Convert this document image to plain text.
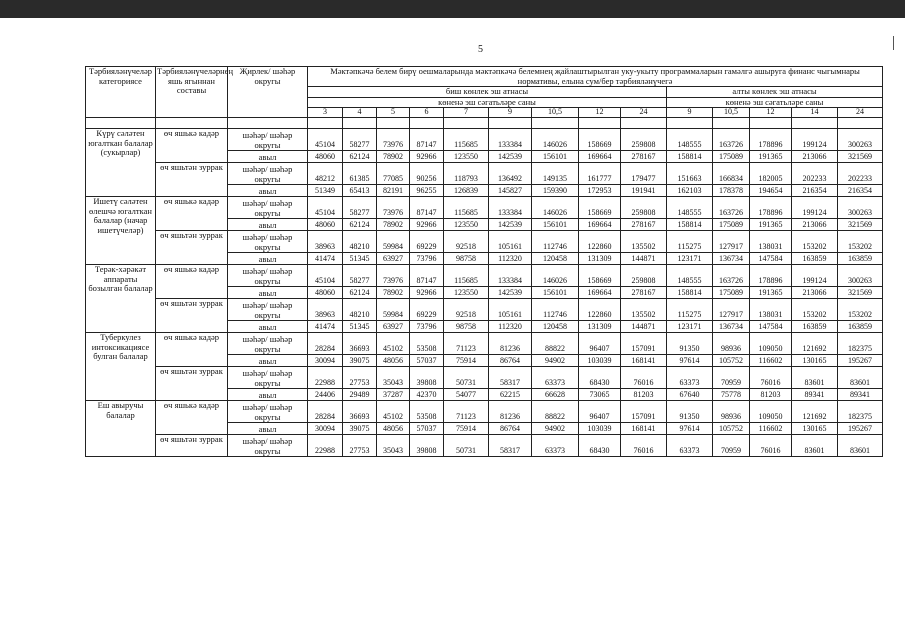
5
Тәрбияләнүчеләр категориясе	Тәрбияләнүчеләрнең яшь ягыннан составы	Җирлек/ шәһәр округы	Мәктәпкәчә белем бирү оешмаларында мәктәпкәчә белемнең җайлаштырылган уку-укыту программаларын гамәлгә ашыруга финанс чыгымнары нормативы, елына сум/бер тәрбияләнүчегә													
			биш көнлек эш атнасы									алты көнлек эш атнасы				
			көненә эш сәгатьләре саны									көненә эш сәгатьләре саны				
			3	4	5	6	7	9	10,5	12	24	9	10,5	12	14	24

Күрү сәләтен югалткан балалар (сукырлар)	өч яшькә кадәр	шәһәр/ шәһәр округы	45104	58277	73976	87147	115685	133384	146026	158669	259808	148555	163726	178896	199124	300263
		авыл	48060	62124	78902	92966	123550	142539	156101	169664	278167	158814	175089	191365	213066	321569
	өч яшьтән зуррак	шәһәр/ шәһәр округы	48212	61385	77085	90256	118793	136492	149135	161777	179477	151663	166834	182005	202233	202233
		авыл	51349	65413	82191	96255	126839	145827	159390	172953	191941	162103	178378	194654	216354	216354
Ишетү сәләтен өлешчә югалткан балалар (начар ишетүчеләр)	өч яшькә кадәр	шәһәр/ шәһәр округы	45104	58277	73976	87147	115685	133384	146026	158669	259808	148555	163726	178896	199124	300263
		авыл	48060	62124	78902	92966	123550	142539	156101	169664	278167	158814	175089	191365	213066	321569
	өч яшьтән зуррак	шәһәр/ шәһәр округы	38963	48210	59984	69229	92518	105161	112746	122860	135502	115275	127917	138031	153202	153202
		авыл	41474	51345	63927	73796	98758	112320	120458	131309	144871	123171	136734	147584	163859	163859
Терәк-хәрәкәт аппараты бозылган балалар	өч яшькә кадәр	шәһәр/ шәһәр округы	45104	58277	73976	87147	115685	133384	146026	158669	259808	148555	163726	178896	199124	300263
		авыл	48060	62124	78902	92966	123550	142539	156101	169664	278167	158814	175089	191365	213066	321569
	өч яшьтән зуррак	шәһәр/ шәһәр округы	38963	48210	59984	69229	92518	105161	112746	122860	135502	115275	127917	138031	153202	153202
		авыл	41474	51345	63927	73796	98758	112320	120458	131309	144871	123171	136734	147584	163859	163859
Туберкулез интоксикациясе булган балалар	өч яшькә кадәр	шәһәр/ шәһәр округы	28284	36693	45102	53508	71123	81236	88822	96407	157091	91350	98936	109050	121692	182375
		авыл	30094	39075	48056	57037	75914	86764	94902	103039	168141	97614	105752	116602	130165	195267
	өч яшьтән зуррак	шәһәр/ шәһәр округы	22988	27753	35043	39808	50731	58317	63373	68430	76016	63373	70959	76016	83601	83601
		авыл	24406	29489	37287	42370	54077	62215	66628	73065	81203	67640	75778	81203	89341	89341
Еш авыручы балалар	өч яшькә кадәр	шәһәр/ шәһәр округы	28284	36693	45102	53508	71123	81236	88822	96407	157091	91350	98936	109050	121692	182375
		авыл	30094	39075	48056	57037	75914	86764	94902	103039	168141	97614	105752	116602	130165	195267
	өч яшьтән зуррак	шәһәр/ шәһәр округы	22988	27753	35043	39808	50731	58317	63373	68430	76016	63373	70959	76016	83601	83601
